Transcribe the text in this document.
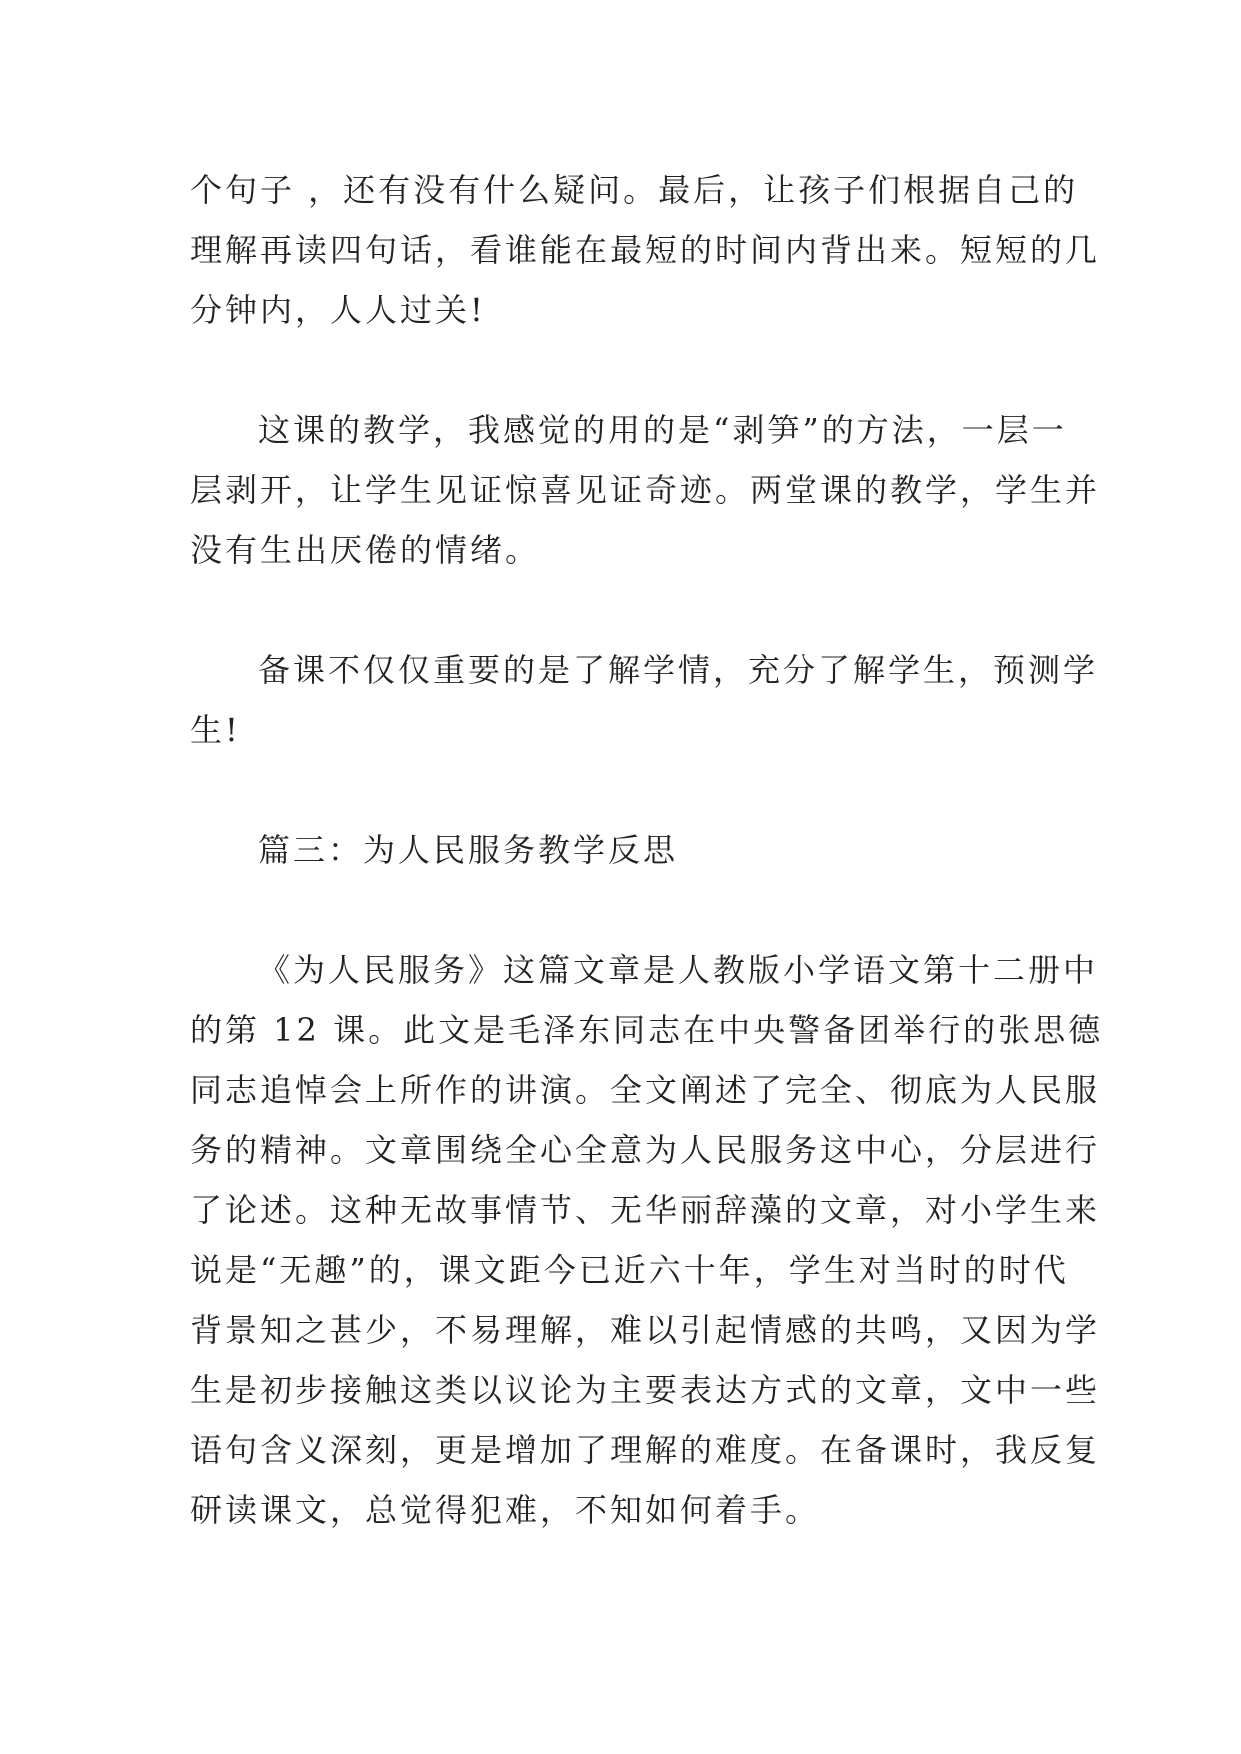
个句子 ，还有没有什么疑问。最后，让孩子们根据自己的
理解再读四句话，看谁能在最短的时间内背出来。短短的几
分钟内，人人过关!
这课的教学，我感觉的用的是“剥笋”的方法，一层一
层剥开，让学生见证惊喜见证奇迹。两堂课的教学，学生并
没有生出厌倦的情绪。
备课不仅仅重要的是了解学情，充分了解学生，预测学
生!
篇三：为人民服务教学反思
《为人民服务》这篇文章是人教版小学语文第十二册中
的第 12 课。此文是毛泽东同志在中央警备团举行的张思德
同志追悼会上所作的讲演。全文阐述了完全、彻底为人民服
务的精神。文章围绕全心全意为人民服务这中心，分层进行
了论述。这种无故事情节、无华丽辞藻的文章，对小学生来
说是“无趣”的，课文距今已近六十年，学生对当时的时代
背景知之甚少，不易理解，难以引起情感的共鸣，又因为学
生是初步接触这类以议论为主要表达方式的文章，文中一些
语句含义深刻，更是增加了理解的难度。在备课时，我反复
研读课文，总觉得犯难，不知如何着手。
